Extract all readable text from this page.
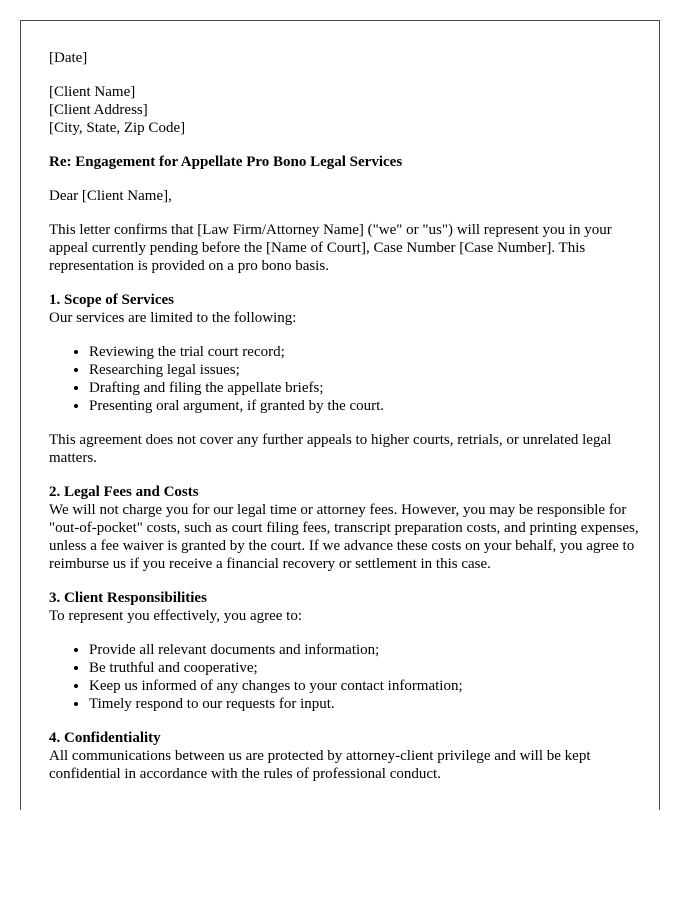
[Date]

[Client Name]
[Client Address]
[City, State, Zip Code]

Re: Engagement for Appellate Pro Bono Legal Services

Dear [Client Name],

This letter confirms that [Law Firm/Attorney Name] ("we" or "us") will represent you in your appeal currently pending before the [Name of Court], Case Number [Case Number]. This representation is provided on a pro bono basis.

1. Scope of Services
Our services are limited to the following:

• Reviewing the trial court record;
• Researching legal issues;
• Drafting and filing the appellate briefs;
• Presenting oral argument, if granted by the court.

This agreement does not cover any further appeals to higher courts, retrials, or unrelated legal matters.

2. Legal Fees and Costs
We will not charge you for our legal time or attorney fees. However, you may be responsible for "out-of-pocket" costs, such as court filing fees, transcript preparation costs, and printing expenses, unless a fee waiver is granted by the court. If we advance these costs on your behalf, you agree to reimburse us if you receive a financial recovery or settlement in this case.

3. Client Responsibilities
To represent you effectively, you agree to:

• Provide all relevant documents and information;
• Be truthful and cooperative;
• Keep us informed of any changes to your contact information;
• Timely respond to our requests for input.

4. Confidentiality
All communications between us are protected by attorney-client privilege and will be kept confidential in accordance with the rules of professional conduct.
